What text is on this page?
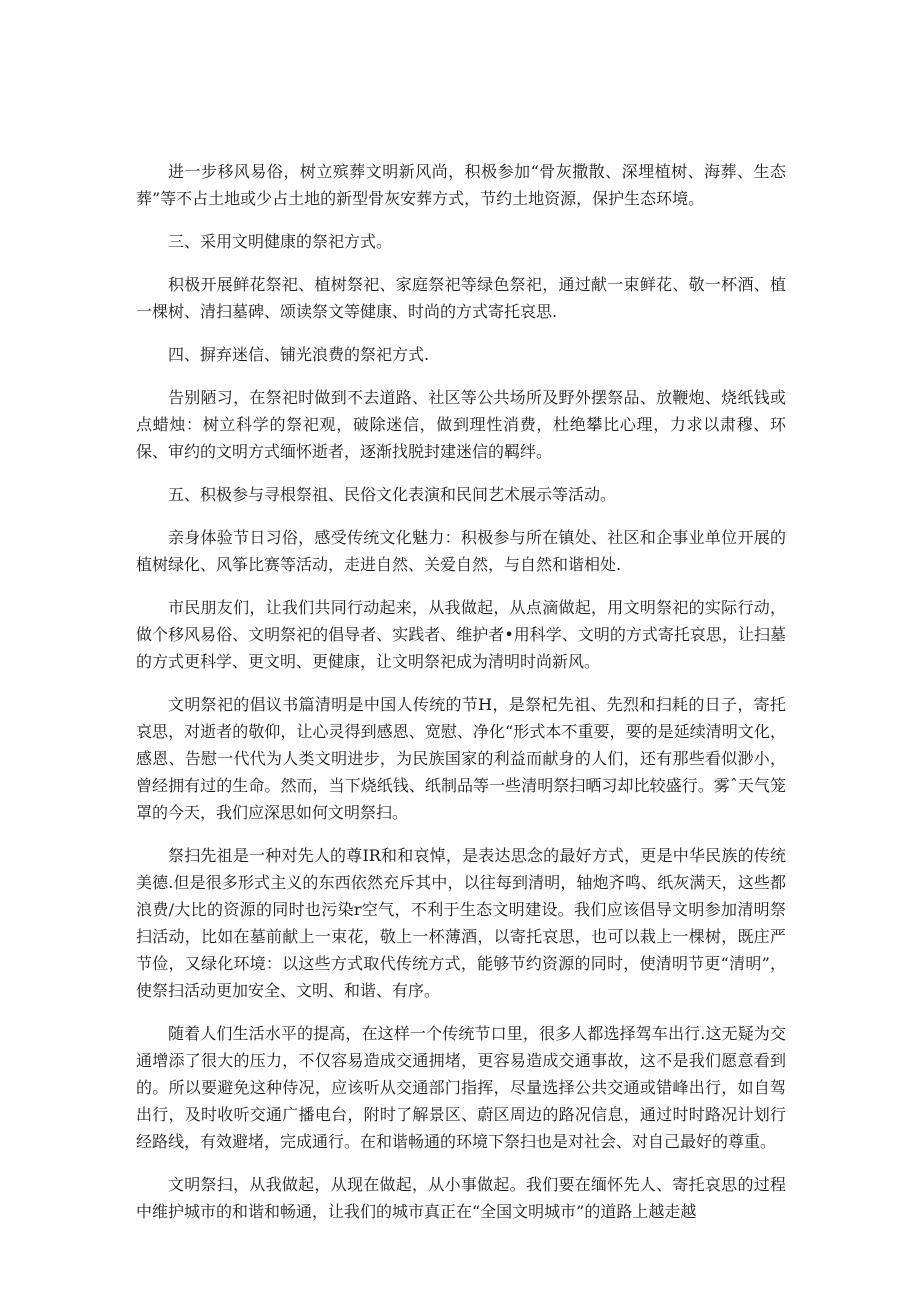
进一步移风易俗，树立殡葬文明新风尚，积极参加“骨灰撒散、深埋植树、海葬、生态葬”等不占土地或少占土地的新型骨灰安葬方式，节约土地资源，保护生态环境。

三、采用文明健康的祭祀方式。

积极开展鲜花祭祀、植树祭祀、家庭祭祀等绿色祭祀，通过献一束鲜花、敬一杯酒、植一棵树、清扫墓碑、颂读祭文等健康、时尚的方式寄托哀思.

四、摒弃迷信、铺光浪费的祭祀方式.

告别陋习，在祭祀时做到不去道路、社区等公共场所及野外摆祭品、放鞭炮、烧纸钱或点蜡烛：树立科学的祭祀观，破除迷信，做到理性消费，杜绝攀比心理，力求以肃穆、环保、审约的文明方式缅怀逝者，逐渐找脱封建迷信的羁绊。

五、积极参与寻根祭祖、民俗文化表演和民间艺术展示等活动。

亲身体验节日习俗，感受传统文化魅力：积极参与所在镇处、社区和企事业单位开展的植树绿化、风筝比赛等活动，走进自然、关爱自然，与自然和谐相处.

市民朋友们，让我们共同行动起来，从我做起，从点滴做起，用文明祭祀的实际行动，做个移风易俗、文明祭祀的倡导者、实践者、维护者•用科学、文明的方式寄托哀思，让扫墓的方式更科学、更文明、更健康，让文明祭祀成为清明时尚新风。

文明祭祀的倡议书篇清明是中国人传统的节H，是祭杞先祖、先烈和扫耗的日子，寄托哀思，对逝者的敬仰，让心灵得到感恩、宽慰、净化“形式本不重要，要的是延续清明文化，感恩、告慰一代代为人类文明进步，为民族国家的利益而献身的人们，还有那些看似渺小，曾经拥有过的生命。然而，当下烧纸钱、纸制品等一些清明祭扫晒习却比较盛行。雾ˆ天气笼罩的今天，我们应深思如何文明祭扫。

祭扫先祖是一种对先人的尊IR和和哀悼，是表达思念的最好方式，更是中华民族的传统美德.但是很多形式主义的东西依然充斥其中，以往每到清明，轴炮齐鸣、纸灰满天，这些都浪费/大比的资源的同时也污染r空气，不利于生态文明建设。我们应该倡导文明参加清明祭扫活动，比如在墓前献上一束花，敬上一杯薄酒，以寄托哀思，也可以栽上一棵树，既庄严节俭，又绿化环境：以这些方式取代传统方式，能够节约资源的同时，使清明节更“清明”，使祭扫活动更加安全、文明、和谐、有序。

随着人们生活水平的提高，在这样一个传统节口里，很多人都选择驾车出行.这无疑为交通增添了很大的压力，不仅容易造成交通拥堵，更容易造成交通事故，这不是我们愿意看到的。所以要避免这种侍况，应该听从交通部门指挥，尽量选择公共交通或错峰出行，如自驾出行，及时收听交通广播电台，附时了解景区、蔚区周边的路况信息，通过时时路况计划行经路线，有效避堵，完成通行。在和谐畅通的环境下祭扫也是对社会、对自己最好的尊重。

文明祭扫，从我做起，从现在做起，从小事做起。我们要在缅怀先人、寄托哀思的过程中维护城市的和谐和畅通，让我们的城市真正在“全国文明城市”的道路上越走越
